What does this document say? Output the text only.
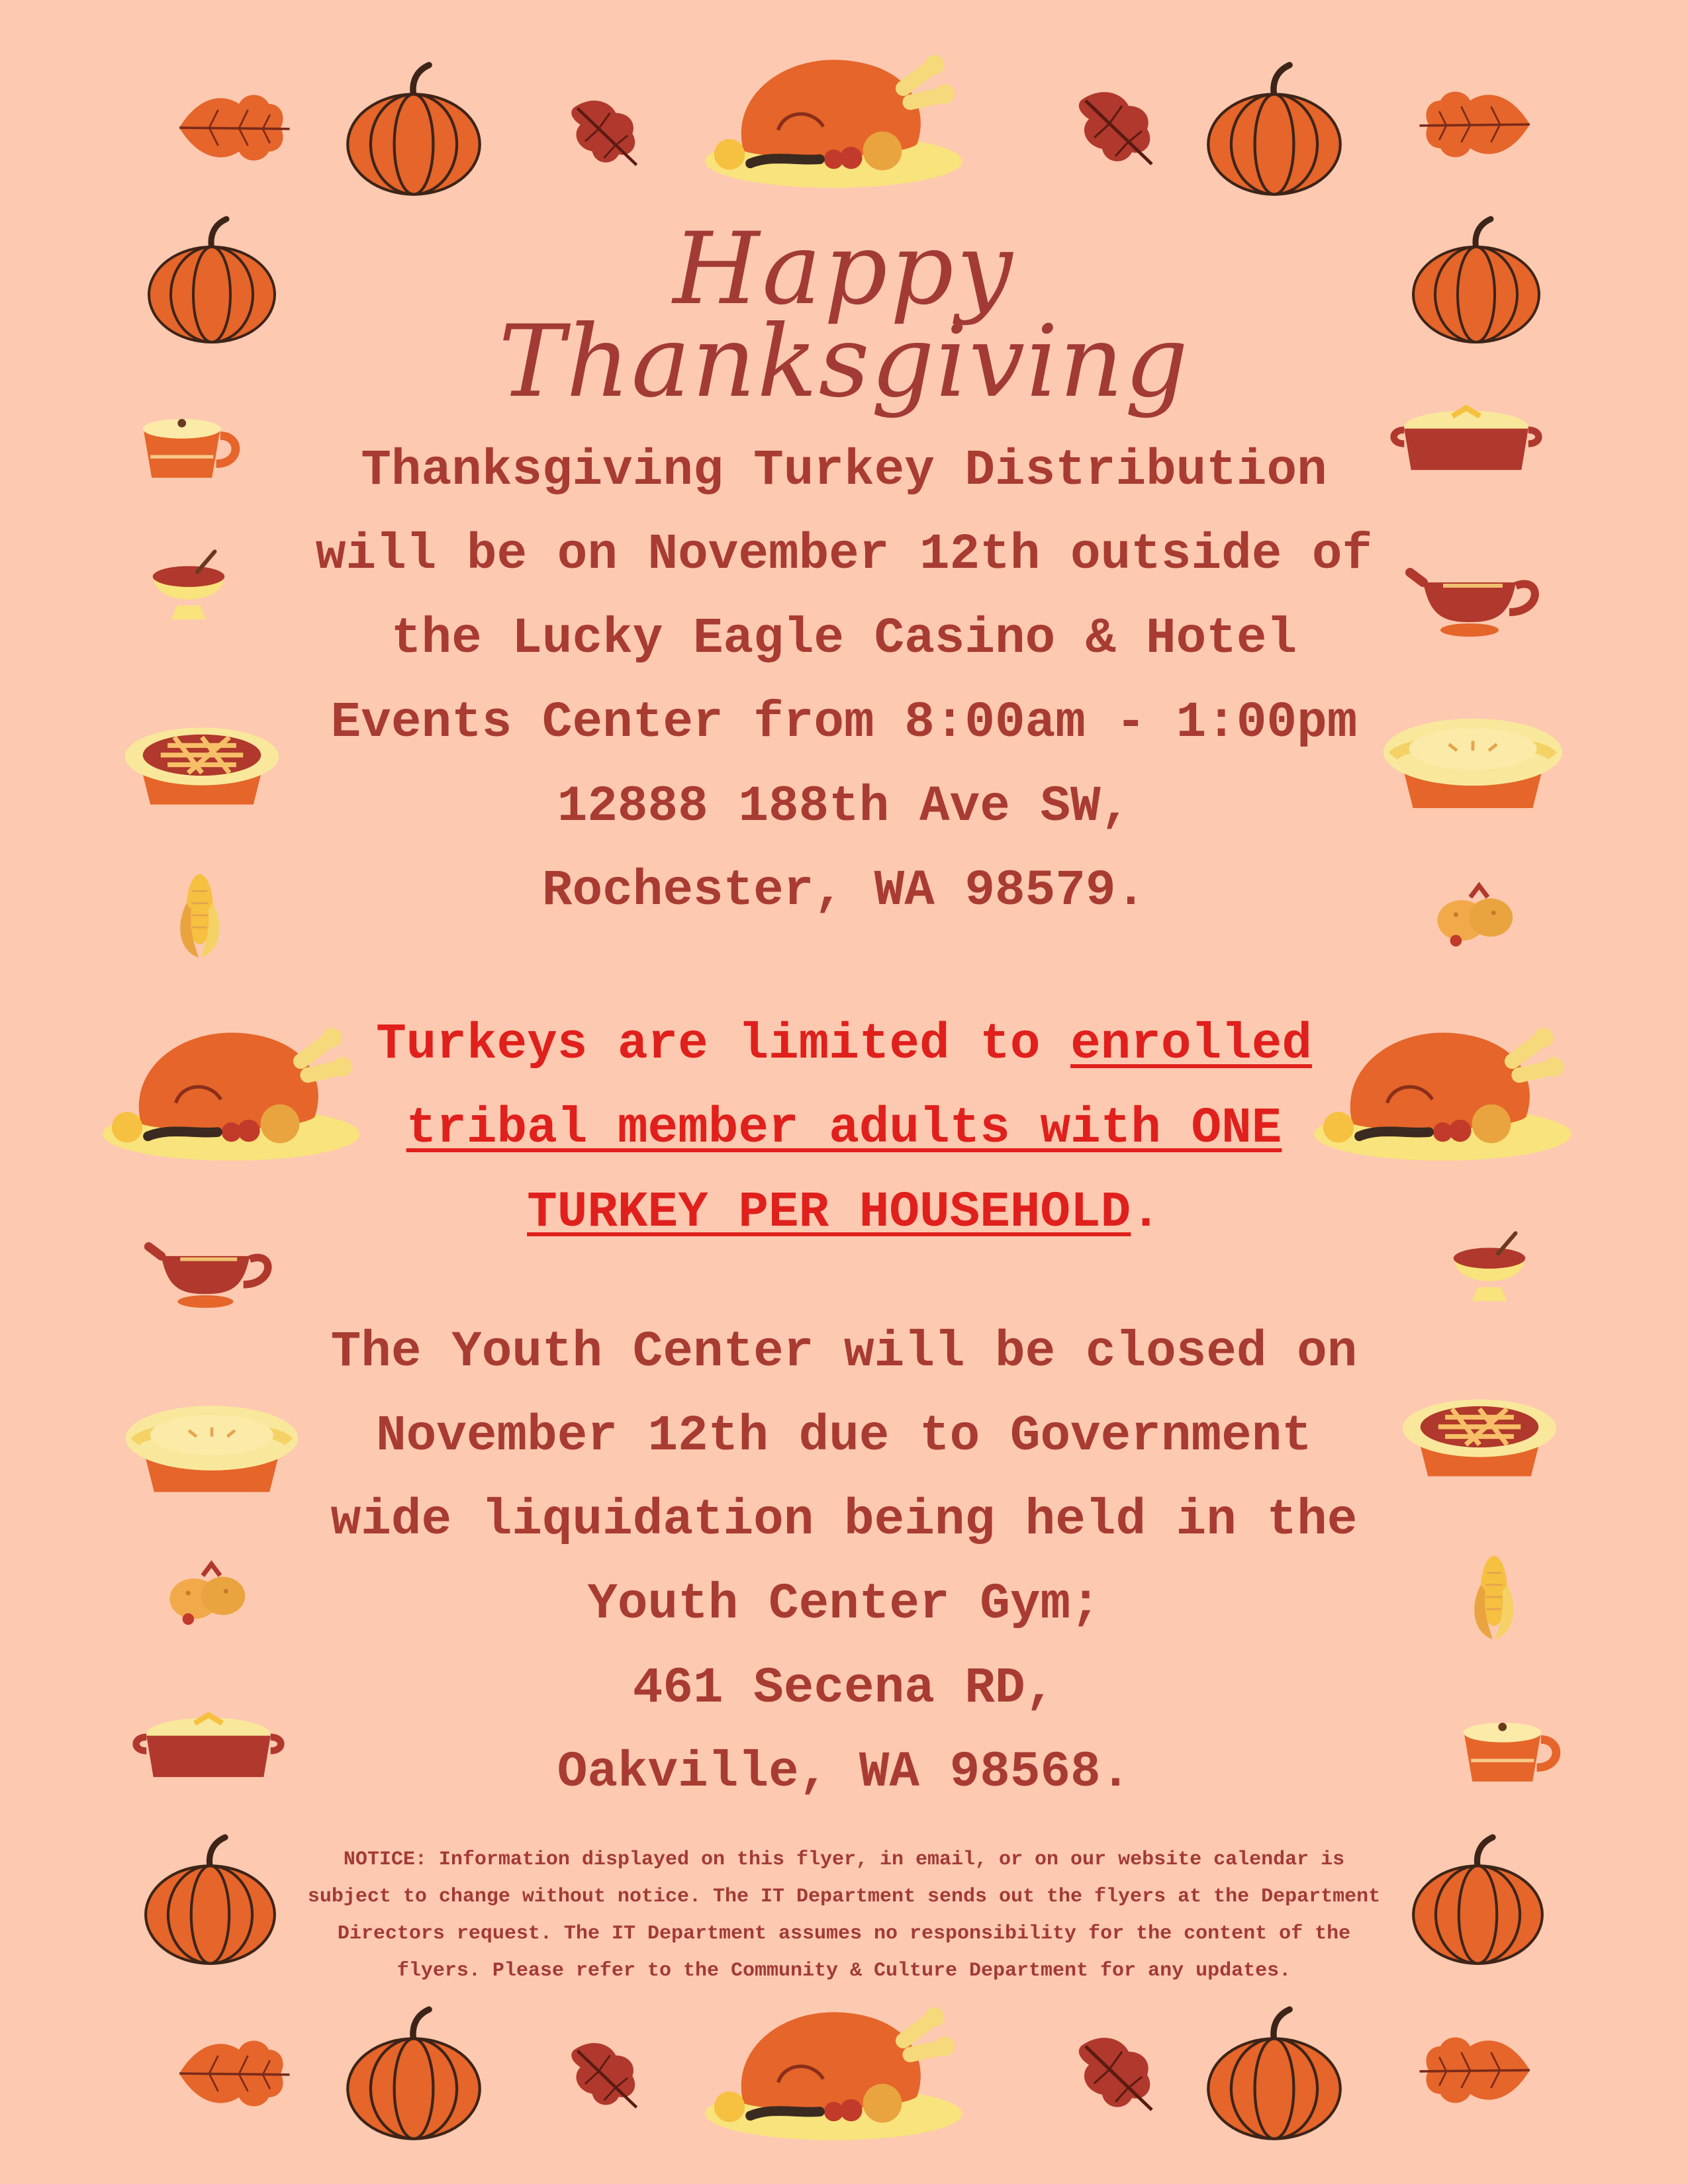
Happy
Thanksgiving

Thanksgiving Turkey Distribution

will be on November 12th outside of

the Lucky Eagle Casino & Hotel

Events Center from 8:00am - 1:00pm

12888 188th Ave SW,

Rochester, WA 98579.

Turkeys are limited to enrolled

tribal member adults with ONE

TURKEY PER HOUSEHOLD.

The Youth Center will be closed on

November 12th due to Government

wide liquidation being held in the

Youth Center Gym;

461 Secena RD,

Oakville, WA 98568.

NOTICE: Information displayed on this flyer, in email, or on our website calendar is
subject to change without notice. The IT Department sends out the flyers at the Department
Directors request. The IT Department assumes no responsibility for the content of the
flyers. Please refer to the Community & Culture Department for any updates.
